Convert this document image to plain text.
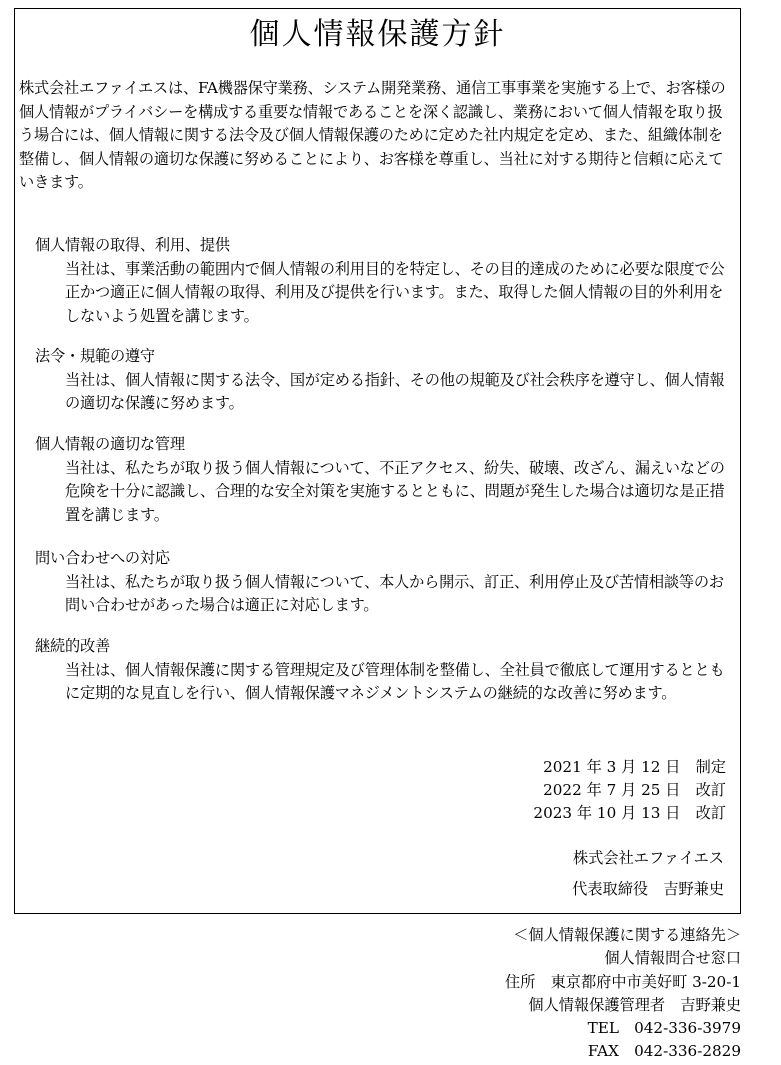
個人情報保護方針

株式会社エファイエスは、FA機器保守業務、システム開発業務、通信工事事業を実施する上で、お客様の個人情報がプライバシーを構成する重要な情報であることを深く認識し、業務において個人情報を取り扱う場合には、個人情報に関する法令及び個人情報保護のために定めた社内規定を定め、また、組織体制を整備し、個人情報の適切な保護に努めることにより、お客様を尊重し、当社に対する期待と信頼に応えていきます。

個人情報の取得、利用、提供

当社は、事業活動の範囲内で個人情報の利用目的を特定し、その目的達成のために必要な限度で公正かつ適正に個人情報の取得、利用及び提供を行います。また、取得した個人情報の目的外利用をしないよう処置を講じます。

法令・規範の遵守

当社は、個人情報に関する法令、国が定める指針、その他の規範及び社会秩序を遵守し、個人情報の適切な保護に努めます。

個人情報の適切な管理

当社は、私たちが取り扱う個人情報について、不正アクセス、紛失、破壊、改ざん、漏えいなどの危険を十分に認識し、合理的な安全対策を実施するとともに、問題が発生した場合は適切な是正措置を講じます。

問い合わせへの対応

当社は、私たちが取り扱う個人情報について、本人から開示、訂正、利用停止及び苦情相談等のお問い合わせがあった場合は適正に対応します。

継続的改善

当社は、個人情報保護に関する管理規定及び管理体制を整備し、全社員で徹底して運用するとともに定期的な見直しを行い、個人情報保護マネジメントシステムの継続的な改善に努めます。

2021 年 3 月 12 日　制定
2022 年 7 月 25 日　改訂
2023 年 10 月 13 日　改訂
株式会社エファイエス
代表取締役　吉野兼史
＜個人情報保護に関する連絡先＞
個人情報問合せ窓口
住所　東京都府中市美好町 3-20-1
個人情報保護管理者　吉野兼史
TEL　042-336-3979
FAX　042-336-2829
